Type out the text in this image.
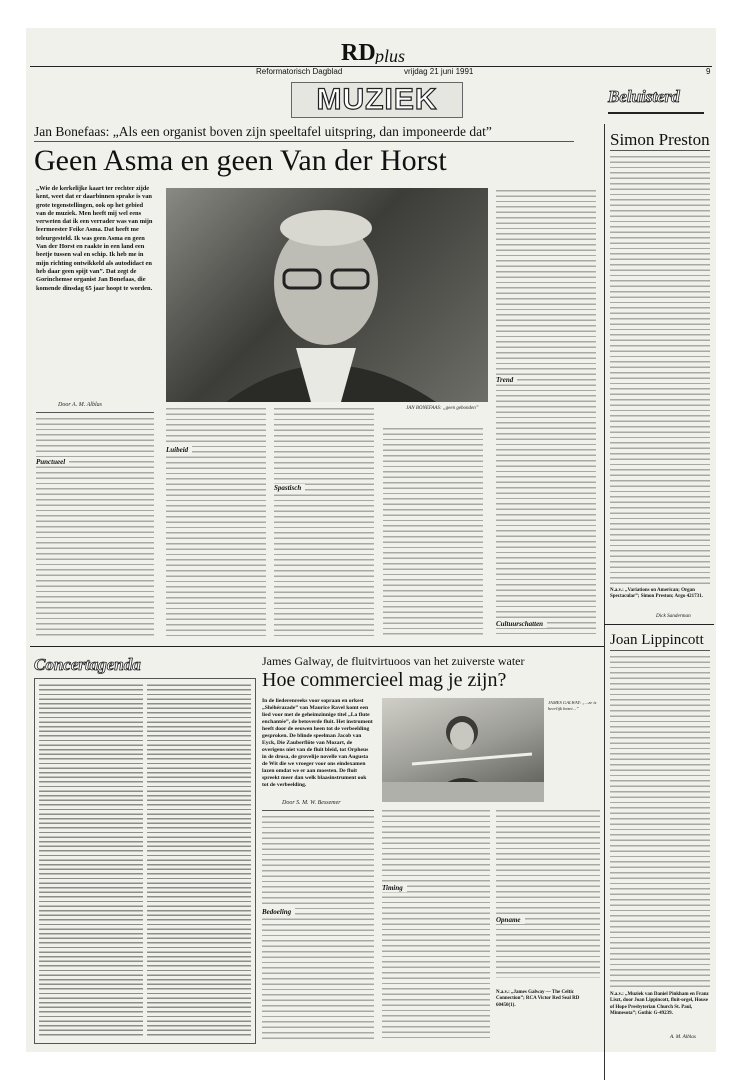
RD plus
Reformatorisch Dagblad	vrijdag 21 juni 1991	9
MUZIEK	Beluisterd
Jan Bonefaas: „Als een organist boven zijn speeltafel uitspring, dan imponeerde dat”
Geen Asma en geen Van der Horst
„Wie de kerkelijke kaart ter rechter zijde kent, weet dat er daarbinnen sprake is van grote tegenstellingen, ook op het gebied van de muziek. Men heeft mij wel eens verweten dat ik een verrader was van mijn leermeester Feike Asma. Dat heeft me teleurgesteld. Ik was geen Asma en geen Van der Horst en raakte in een land een beetje tussen wal en schip. Ik heb me in mijn richting ontwikkeld als autodidact en heb daar geen spijt van”. Dat zegt de Gorinchemse organist Jan Bonefaas, die komende dinsdag 65 jaar hoopt te worden.
Door A. M. Alblas
Punctueel
JAN BONEFAAS: „geen gebonden”
Luibeid
Spastisch
Trend
Cultuurschatten
Simon Preston
N.a.v.: „Variations on American; Organ Spectacular”; Simon Preston; Argo 421731.
Dick Sanderman
Concertagenda	James Galway, de fluitvirtuoos van het zuiverste water
Hoe commercieel mag je zijn?
In de liederenreeks voor sopraan en orkest „Shéhérazade” van Maurice Ravel komt een lied voor met de geheimzinnige titel „La flute enchantée”, de betoverde fluit. Het instrument heeft door de eeuwen heen tot de verbeelding gesproken. De blinde speelman Jacob van Eyck, Die Zauberflöte van Mozart, de overigens niet van de fluit bleid, tot Orpheus in de drosa, de grovelije novelle van Augusta de Wit die we vroeger voor ons eindexamen lazen omdat we er aan moesten. De fluit spreekt meer dan welk blaasinstrument ook tot de verbeelding.
Door S. M. W. Bessemer
JAMES GALWAY: „...ze is heerlijk bezet...”
Bedoeling
Timing
Opname
N.a.v.: „James Galway — The Celtic Connection”; RCA Victor Red Seal RD 60450(1).
Joan Lippincott
N.a.v.: „Muziek van Daniel Pinkham en Franz Liszt, door Joan Lippincott, fluit-orgel, House of Hope Presbyterian Church St. Paul, Minnesota”; Gothic G-49239.
A. M. Alblas
